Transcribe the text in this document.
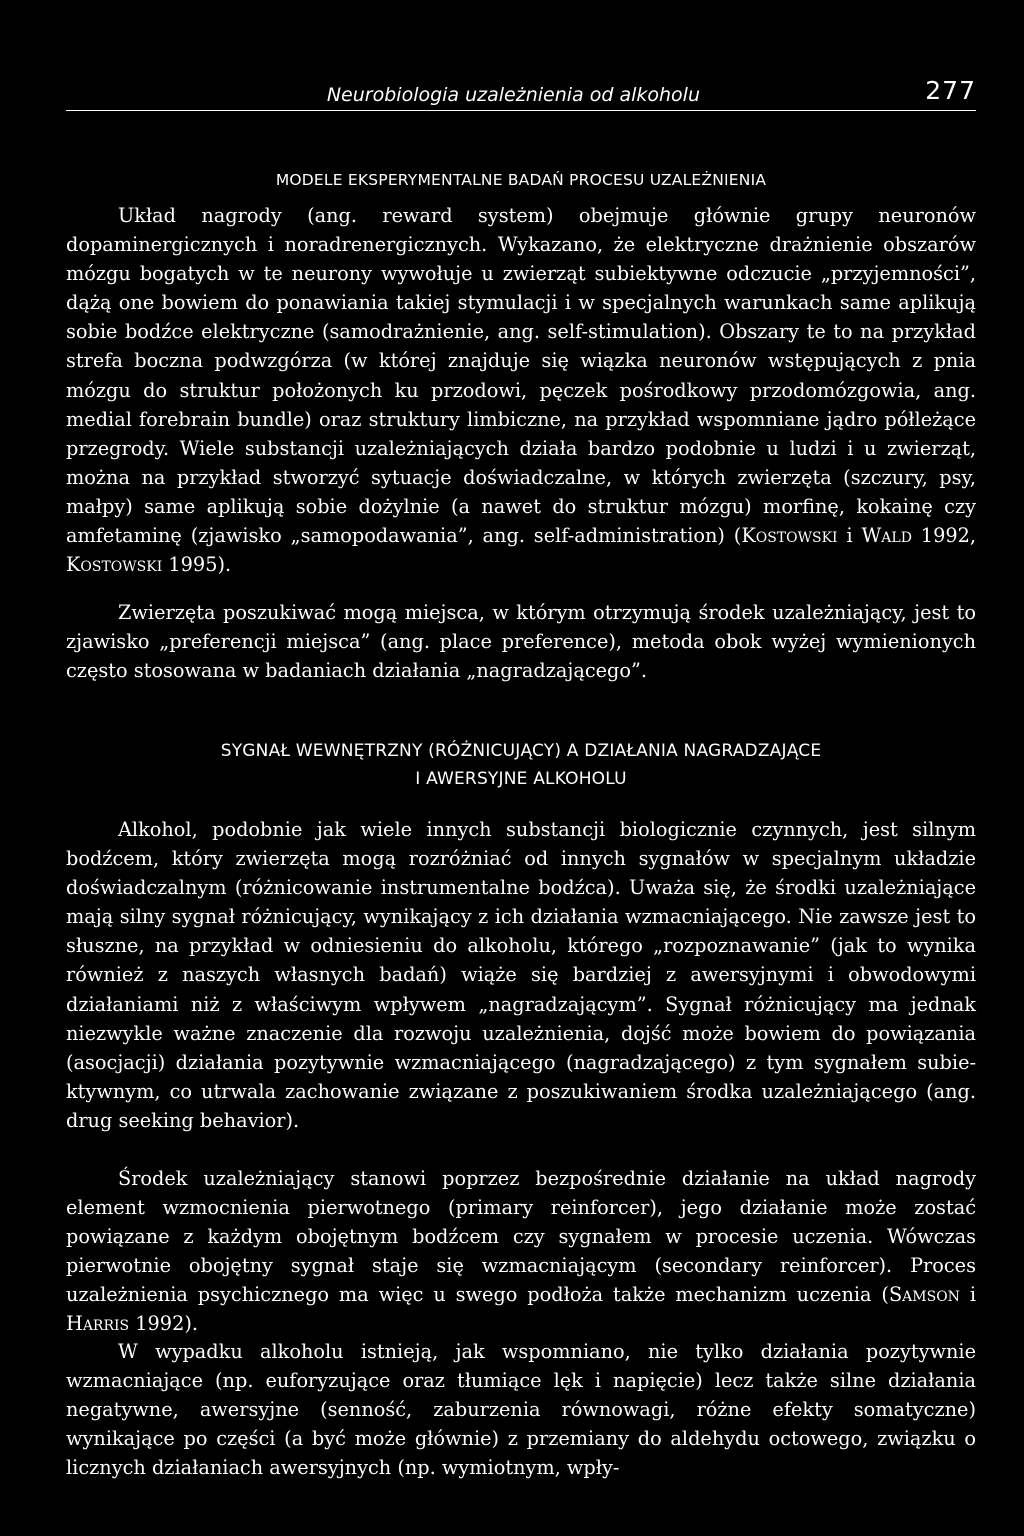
Neurobiologia uzależnienia od alkoholu	277
MODELE EKSPERYMENTALNE BADAŃ PROCESU UZALEŻNIENIA

Układ nagrody (ang. reward system) obejmuje głównie grupy neuronów dopaminergicznych i noradrenergicznych. Wykazano, że elektryczne drażnienie obszarów mózgu bogatych w te neurony wywołuje u zwierząt subiektywne odczucie „przyjemności”, dążą one bowiem do ponawiania takiej stymulacji i w specjalnych warunkach same aplikują sobie bodźce elektryczne (samodrażnienie, ang. self-stimulation). Obszary te to na przykład strefa boczna podwzgórza (w której znajduje się wiązka neuronów wstępujących z pnia mózgu do struktur położonych ku przodowi, pęczek pośrodkowy przodomózgowia, ang. medial forebrain bundle) oraz struktury limbiczne, na przykład wspomniane jądro półleżące przegrody. Wiele substancji uzależniających działa bardzo podobnie u ludzi i u zwierząt, można na przykład stworzyć sytuacje doświadczalne, w których zwierzęta (szczury, psy, małpy) same aplikują sobie dożylnie (a nawet do struktur mózgu) morfinę, kokainę czy amfetaminę (zjawisko „samopodawania”, ang. self-administration) (Kostowski i Wald 1992, Kostowski 1995).

Zwierzęta poszukiwać mogą miejsca, w którym otrzymują środek uzależniający, jest to zjawisko „preferencji miejsca” (ang. place preference), metoda obok wyżej wymienionych często stosowana w badaniach działania „nagradzającego”.

SYGNAŁ WEWNĘTRZNY (RÓŻNICUJĄCY) A DZIAŁANIA NAGRADZAJĄCE
I AWERSYJNE ALKOHOLU

Alkohol, podobnie jak wiele innych substancji biologicznie czynnych, jest silnym bodźcem, który zwierzęta mogą rozróżniać od innych sygnałów w specjalnym układzie doświadczalnym (różnicowanie instrumentalne bodźca). Uważa się, że środki uzależniające mają silny sygnał różnicujący, wynikający z ich działania wzmacniającego. Nie zawsze jest to słuszne, na przykład w odniesieniu do alkoholu, którego „rozpoznawanie” (jak to wynika również z naszych własnych badań) wiąże się bardziej z awersyjnymi i obwodowymi działaniami niż z właściwym wpływem „nagradzającym”. Sygnał różnicujący ma jednak niezwykle ważne znaczenie dla rozwoju uzależnienia, dojść może bowiem do powiązania (asocjacji) działania pozytywnie wzmacniającego (nagradzającego) z tym sygnałem subiektywnym, co utrwala zachowanie związane z poszukiwaniem środka uzależniającego (ang. drug seeking behavior).

Środek uzależniający stanowi poprzez bezpośrednie działanie na układ nagrody element wzmocnienia pierwotnego (primary reinforcer), jego działanie może zostać powiązane z każdym obojętnym bodźcem czy sygnałem w procesie uczenia. Wówczas pierwotnie obojętny sygnał staje się wzmacniającym (secondary reinforcer). Proces uzależnienia psychicznego ma więc u swego podłoża także mechanizm uczenia (Samson i Harris 1992).

W wypadku alkoholu istnieją, jak wspomniano, nie tylko działania pozytywnie wzmacniające (np. euforyzujące oraz tłumiące lęk i napięcie) lecz także silne działania negatywne, awersyjne (senność, zaburzenia równowagi, różne efekty somatyczne) wynikające po części (a być może głównie) z przemiany do aldehydu octowego, związku o licznych działaniach awersyjnych (np. wymiotnym, wpły-
